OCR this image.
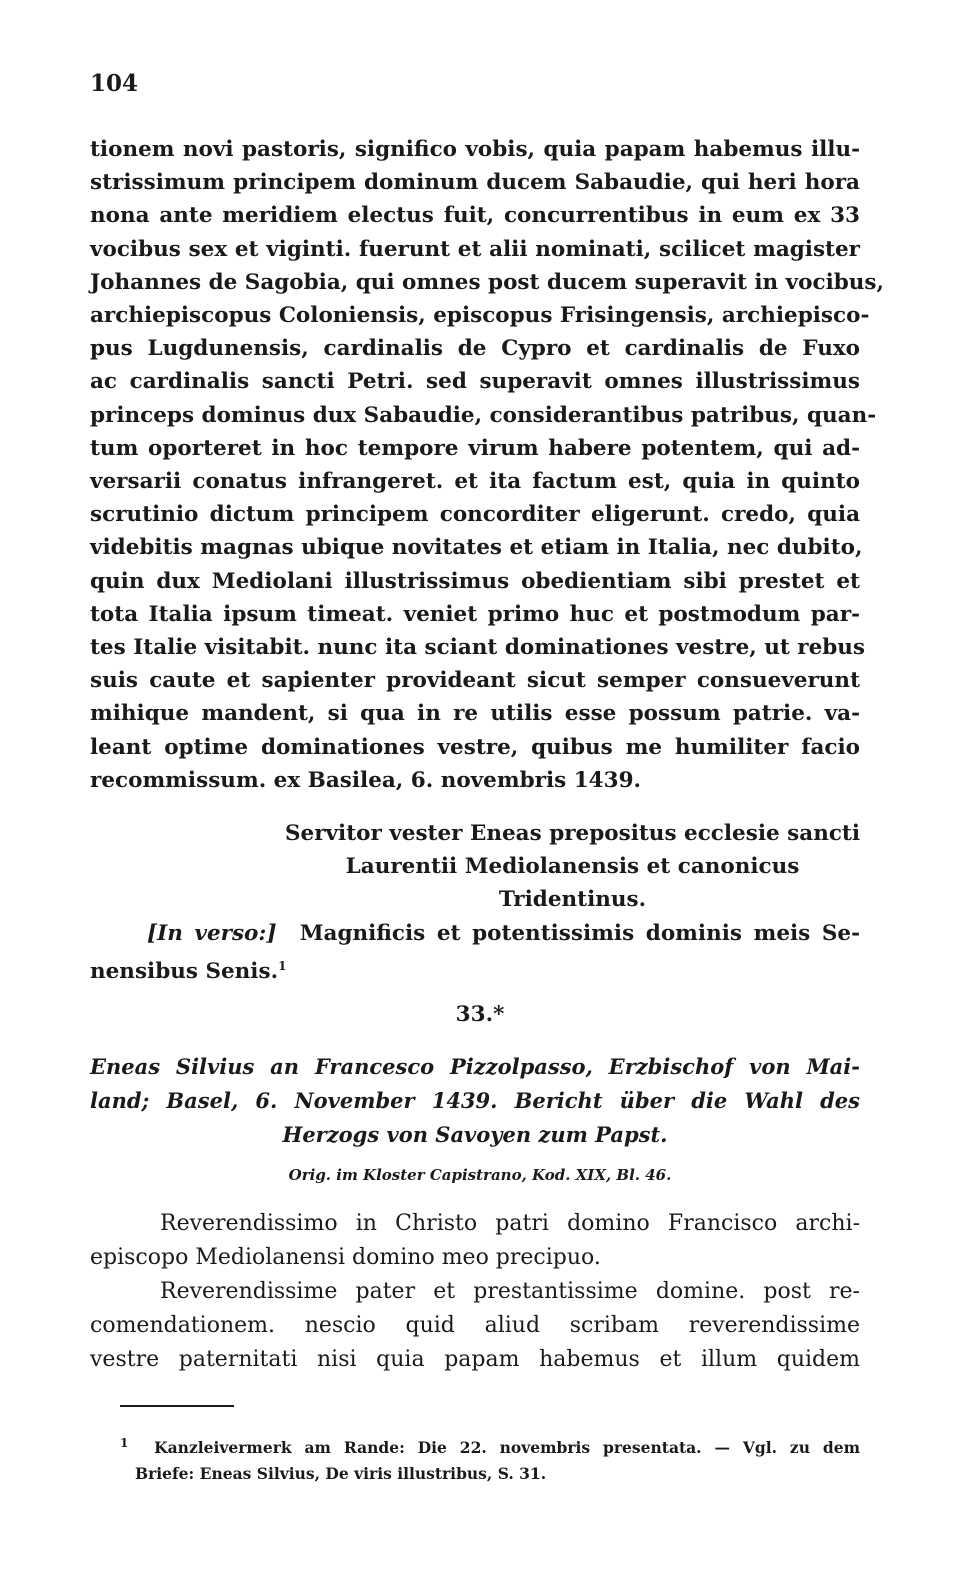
104
tionem novi pastoris, significo vobis, quia papam habemus illu-
strissimum principem dominum ducem Sabaudie, qui heri hora
nona ante meridiem electus fuit, concurrentibus in eum ex 33
vocibus sex et viginti. fuerunt et alii nominati, scilicet magister
Johannes de Sagobia, qui omnes post ducem superavit in vocibus,
archiepiscopus Coloniensis, episcopus Frisingensis, archiepisco-
pus Lugdunensis, cardinalis de Cypro et cardinalis de Fuxo
ac cardinalis sancti Petri. sed superavit omnes illustrissimus
princeps dominus dux Sabaudie, considerantibus patribus, quan-
tum oporteret in hoc tempore virum habere potentem, qui ad-
versarii conatus infrangeret. et ita factum est, quia in quinto
scrutinio dictum principem concorditer eligerunt. credo, quia
videbitis magnas ubique novitates et etiam in Italia, nec dubito,
quin dux Mediolani illustrissimus obedientiam sibi prestet et
tota Italia ipsum timeat. veniet primo huc et postmodum par-
tes Italie visitabit. nunc ita sciant dominationes vestre, ut rebus
suis caute et sapienter provideant sicut semper consueverunt
mihique mandent, si qua in re utilis esse possum patrie. va-
leant optime dominationes vestre, quibus me humiliter facio
recommissum. ex Basilea, 6. novembris 1439.
Servitor vester Eneas prepositus ecclesie sancti
Laurentii Mediolanensis et canonicus
Tridentinus.
[In verso:] Magnificis et potentissimis dominis meis Se-
nensibus Senis.$^1$
33.*
Eneas Silvius an Francesco Pizzolpasso, Erzbischof von Mai-
land; Basel, 6. November 1439. Bericht über die Wahl des
Herzogs von Savoyen zum Papst.
Orig. im Kloster Capistrano, Kod. XIX, Bl. 46.
Reverendissimo in Christo patri domino Francisco archi-
episcopo Mediolanensi domino meo precipuo.
Reverendissime pater et prestantissime domine. post re-
comendationem. nescio quid aliud scribam reverendissime
vestre paternitati nisi quia papam habemus et illum quidem
$^1$ Kanzleivermerk am Rande: Die 22. novembris presentata. — Vgl. zu dem
Briefe: Eneas Silvius, De viris illustribus, S. 31.
